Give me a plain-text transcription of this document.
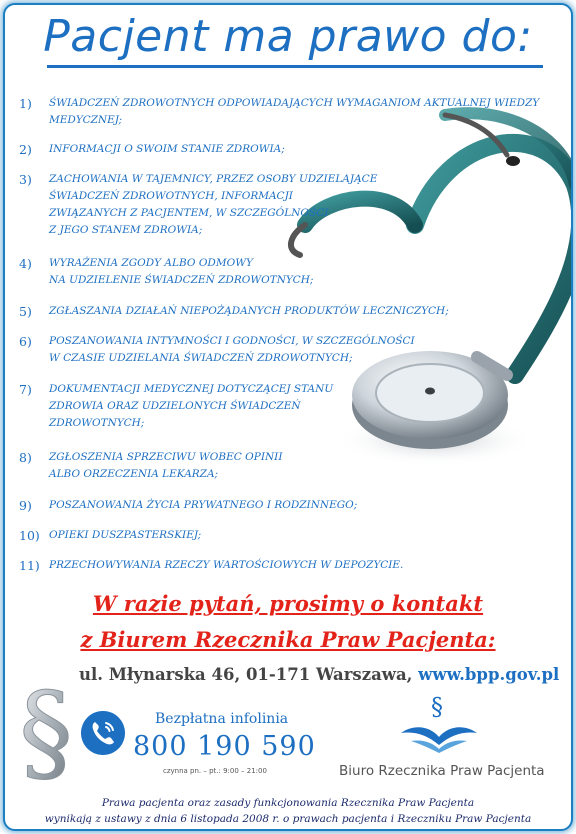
Pacjent ma prawo do:
1)	ŚWIADCZEŃ ZDROWOTNYCH ODPOWIADAJĄCYCH WYMAGANIOM AKTUALNEJ WIEDZY
MEDYCZNEJ;
2)	INFORMACJI O SWOIM STANIE ZDROWIA;
3)	ZACHOWANIA W TAJEMNICY, PRZEZ OSOBY UDZIELAJĄCE
ŚWIADCZEŃ ZDROWOTNYCH, INFORMACJI
ZWIĄZANYCH Z PACJENTEM, W SZCZEGÓLNOŚCI
Z JEGO STANEM ZDROWIA;
4)	WYRAŻENIA ZGODY ALBO ODMOWY
NA UDZIELENIE ŚWIADCZEŃ ZDROWOTNYCH;
5)	ZGŁASZANIA DZIAŁAŃ NIEPOŻĄDANYCH PRODUKTÓW LECZNICZYCH;
6)	POSZANOWANIA INTYMNOŚCI I GODNOŚCI, W SZCZEGÓLNOŚCI
W CZASIE UDZIELANIA ŚWIADCZEŃ ZDROWOTNYCH;
7)	DOKUMENTACJI MEDYCZNEJ DOTYCZĄCEJ STANU
ZDROWIA ORAZ UDZIELONYCH ŚWIADCZEŃ
ZDROWOTNYCH;
8)	ZGŁOSZENIA SPRZECIWU WOBEC OPINII
ALBO ORZECZENIA LEKARZA;
9)	POSZANOWANIA ŻYCIA PRYWATNEGO I RODZINNEGO;
10) OPIEKI DUSZPASTERSKIEJ;
11) PRZECHOWYWANIA RZECZY WARTOŚCIOWYCH W DEPOZYCIE.
W razie pytań, prosimy o kontakt
z Biurem Rzecznika Praw Pacjenta:
§ ul. Młynarska 46, 01-171 Warszawa, www.bpp.gov.pl
Bezpłatna infolinia
800 190 590
czynna pn. – pt.: 9:00 – 21:00
§
Biuro Rzecznika Praw Pacjenta
Prawa pacjenta oraz zasady funkcjonowania Rzecznika Praw Pacjenta
wynikają z ustawy z dnia 6 listopada 2008 r. o prawach pacjenta i Rzeczniku Praw Pacjenta
